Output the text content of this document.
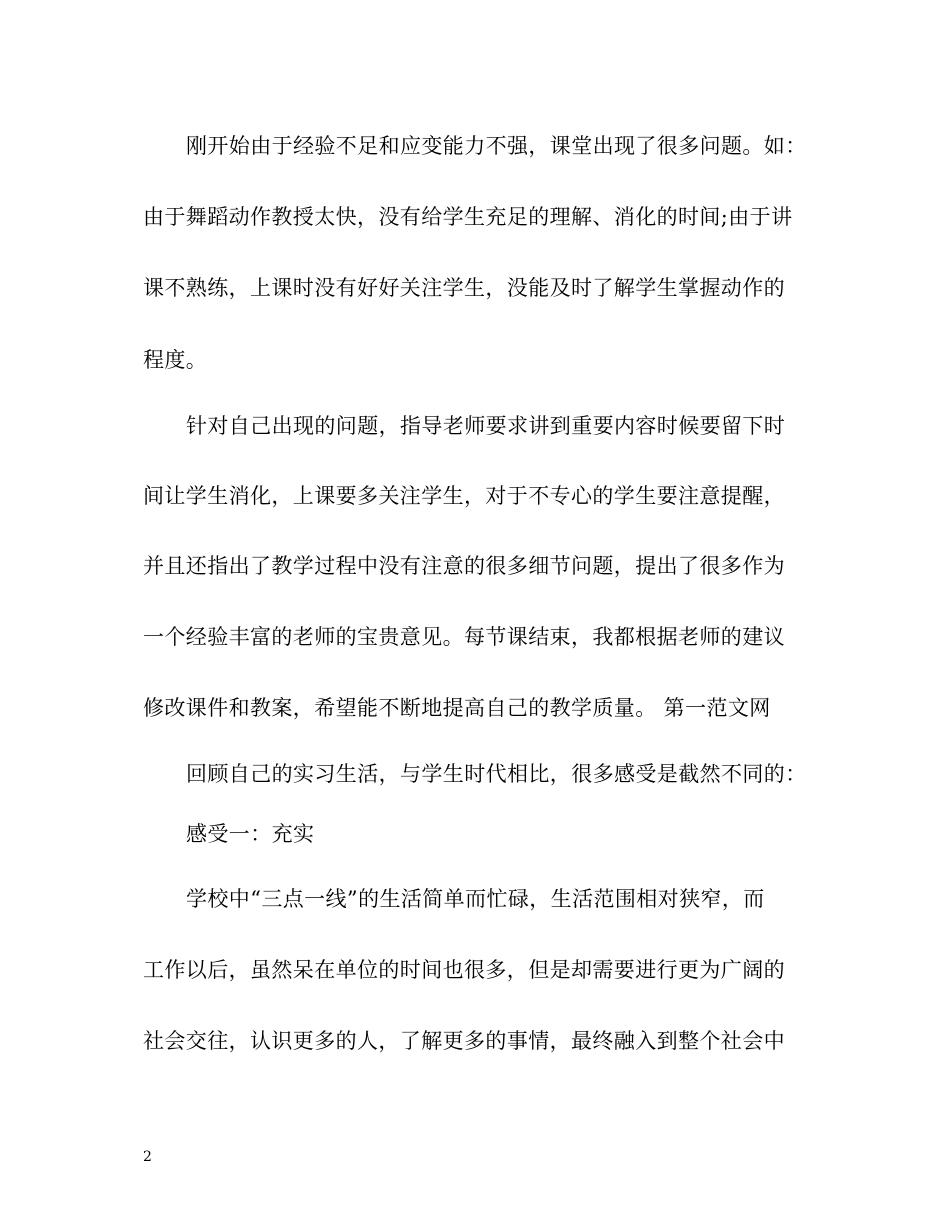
刚开始由于经验不足和应变能力不强，课堂出现了很多问题。如：
由于舞蹈动作教授太快，没有给学生充足的理解、消化的时间;由于讲
课不熟练，上课时没有好好关注学生，没能及时了解学生掌握动作的
程度。
针对自己出现的问题，指导老师要求讲到重要内容时候要留下时
间让学生消化，上课要多关注学生，对于不专心的学生要注意提醒，
并且还指出了教学过程中没有注意的很多细节问题，提出了很多作为
一个经验丰富的老师的宝贵意见。每节课结束，我都根据老师的建议
修改课件和教案，希望能不断地提高自己的教学质量。 第一范文网
回顾自己的实习生活，与学生时代相比，很多感受是截然不同的：
感受一：充实
学校中“三点一线”的生活简单而忙碌，生活范围相对狭窄，而
工作以后，虽然呆在单位的时间也很多，但是却需要进行更为广阔的
社会交往，认识更多的人，了解更多的事情，最终融入到整个社会中
2
